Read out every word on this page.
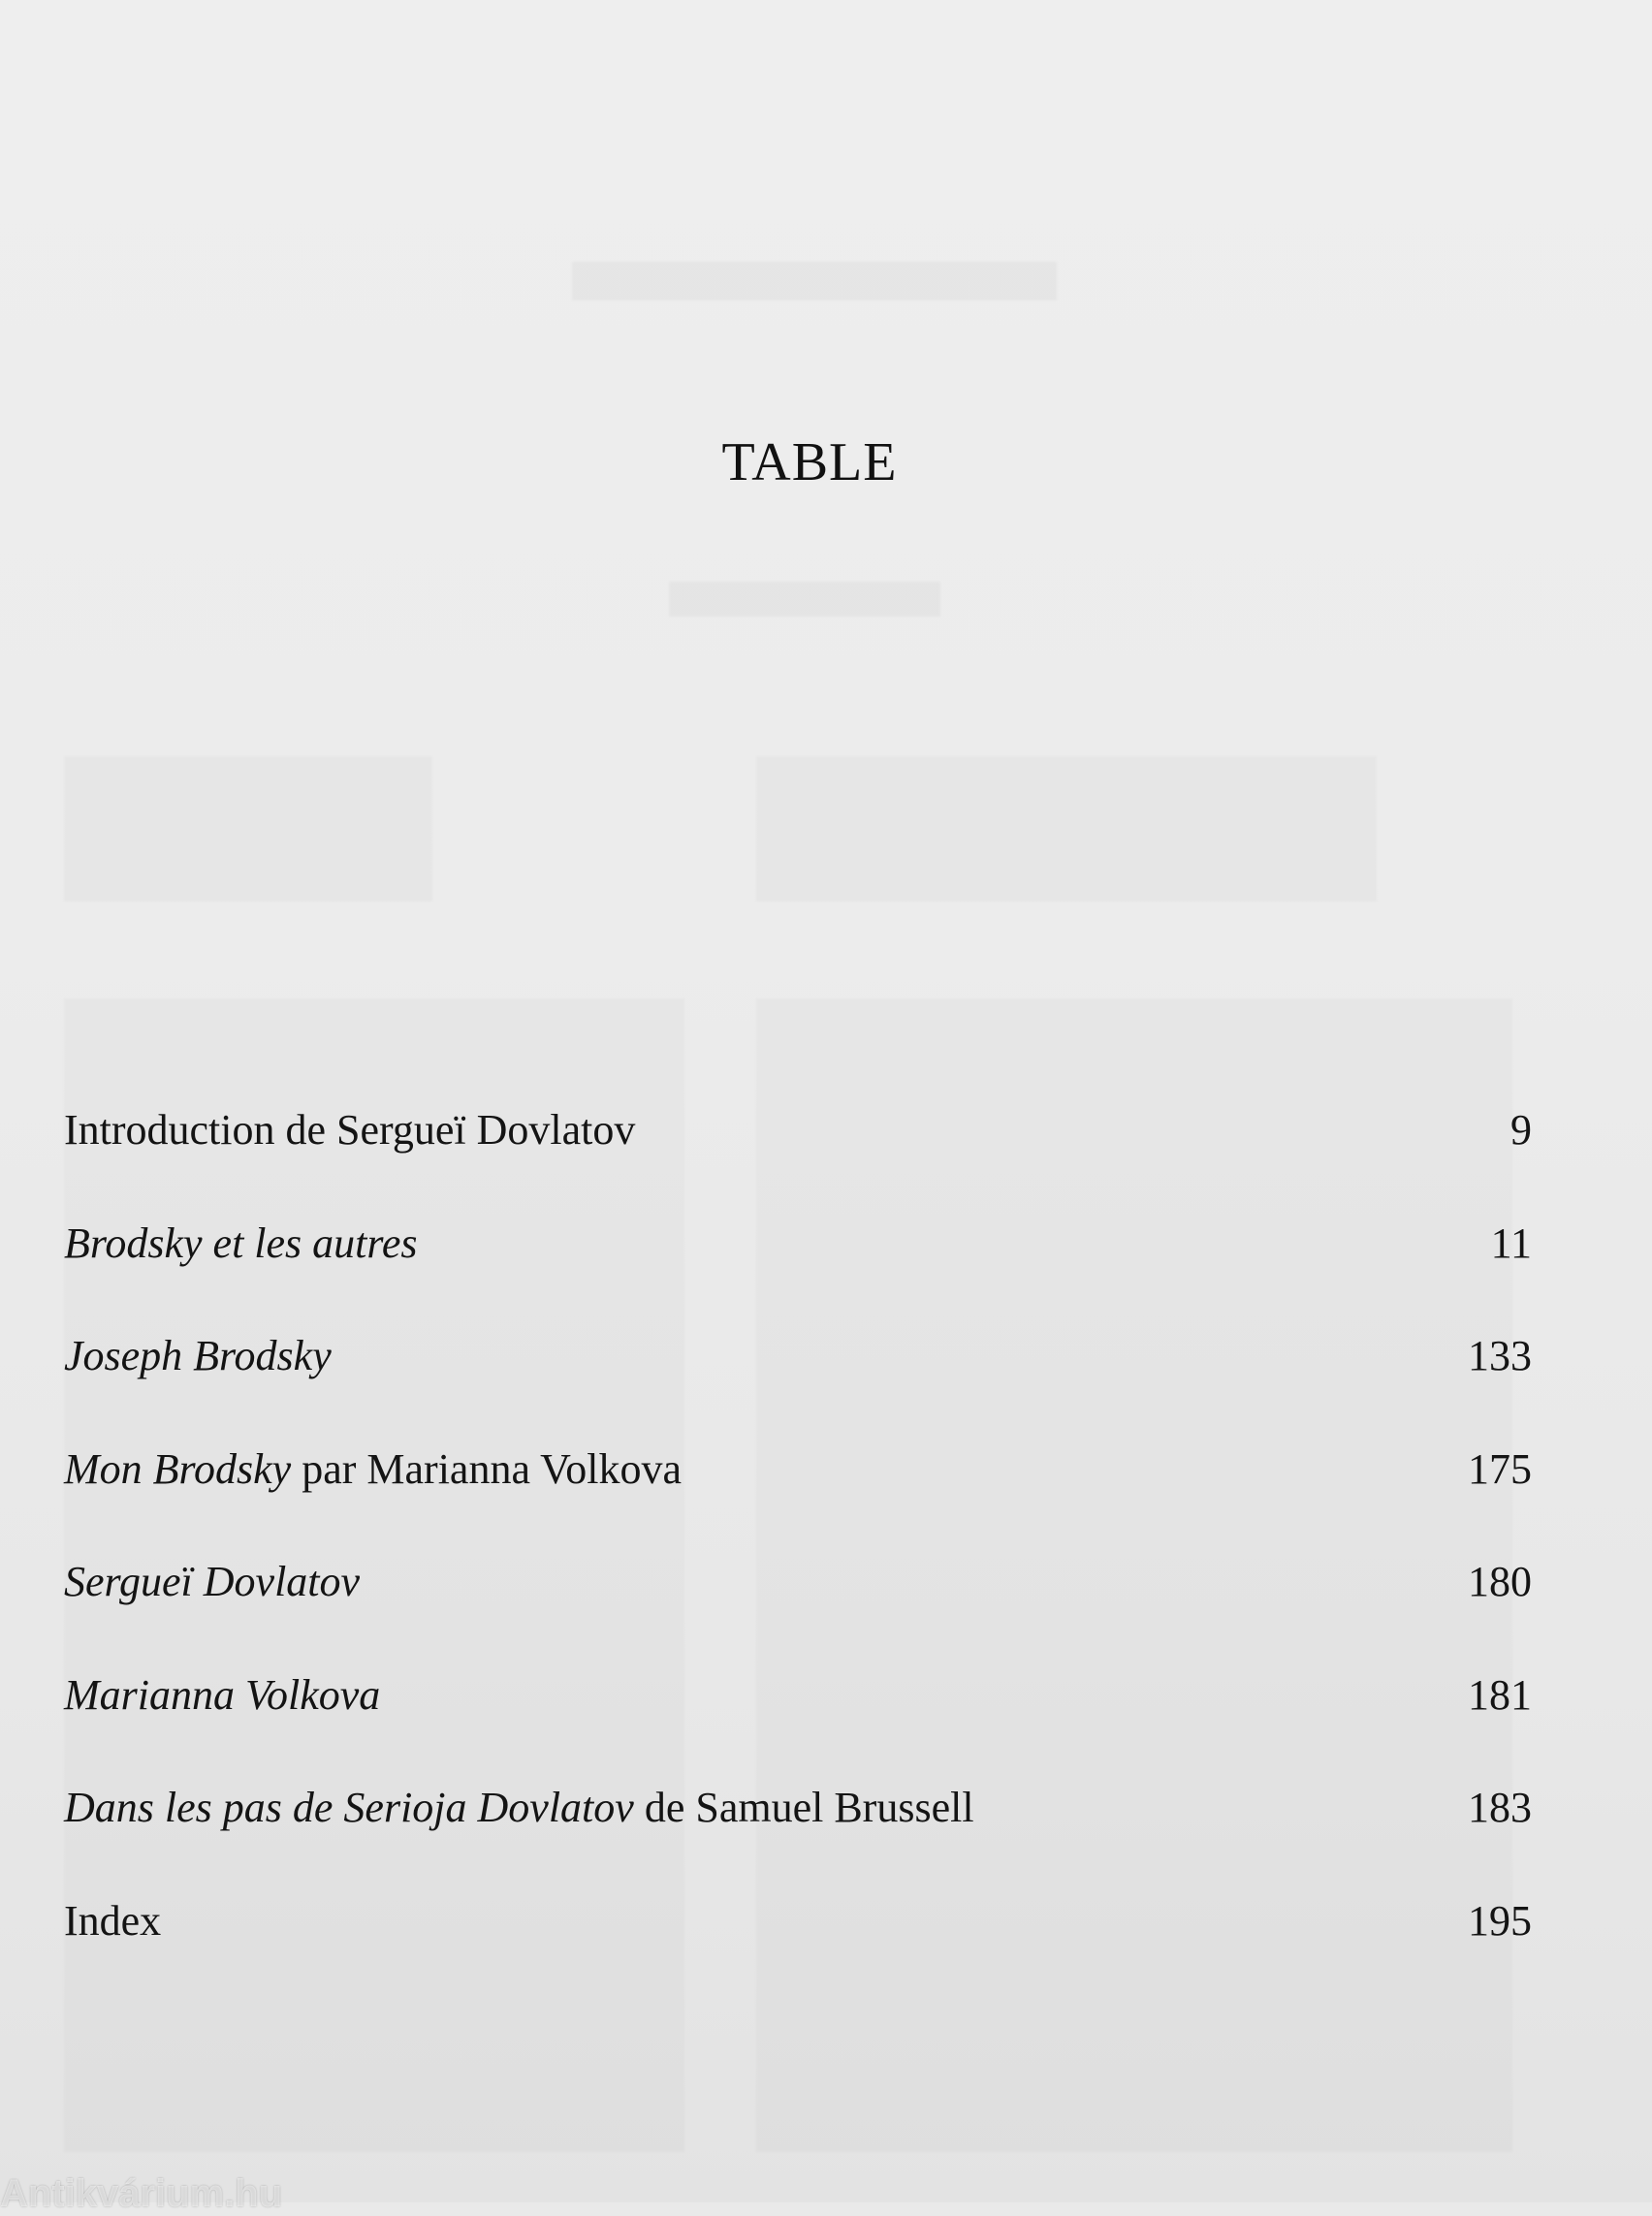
TABLE
Introduction de Sergueï Dovlatov	9
Brodsky et les autres	11
Joseph Brodsky	133
Mon Brodsky par Marianna Volkova	175
Sergueï Dovlatov	180
Marianna Volkova	181
Dans les pas de Serioja Dovlatov de Samuel Brussell	183
Index	195
Antikvárium.hu
